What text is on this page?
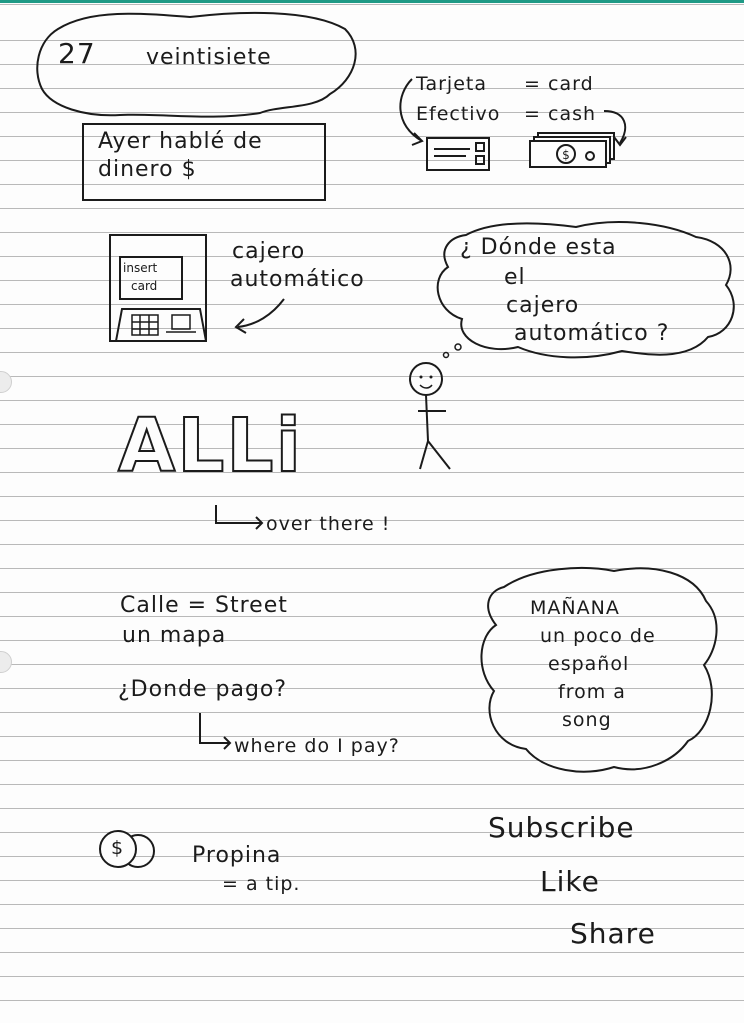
27 veintisiete
Tarjeta = card
Efectivo = cash
$
Ayer hablé de
dinero $
insert
card
cajero
automático
¿ Dónde esta
el
cajero
automático ?
ALLi
over there !
Calle = Street
un mapa
¿Donde pago?
where do I pay?
MAÑANA
un poco de
español
from a
song
$	Propina
= a tip.
Subscribe
Like
Share
